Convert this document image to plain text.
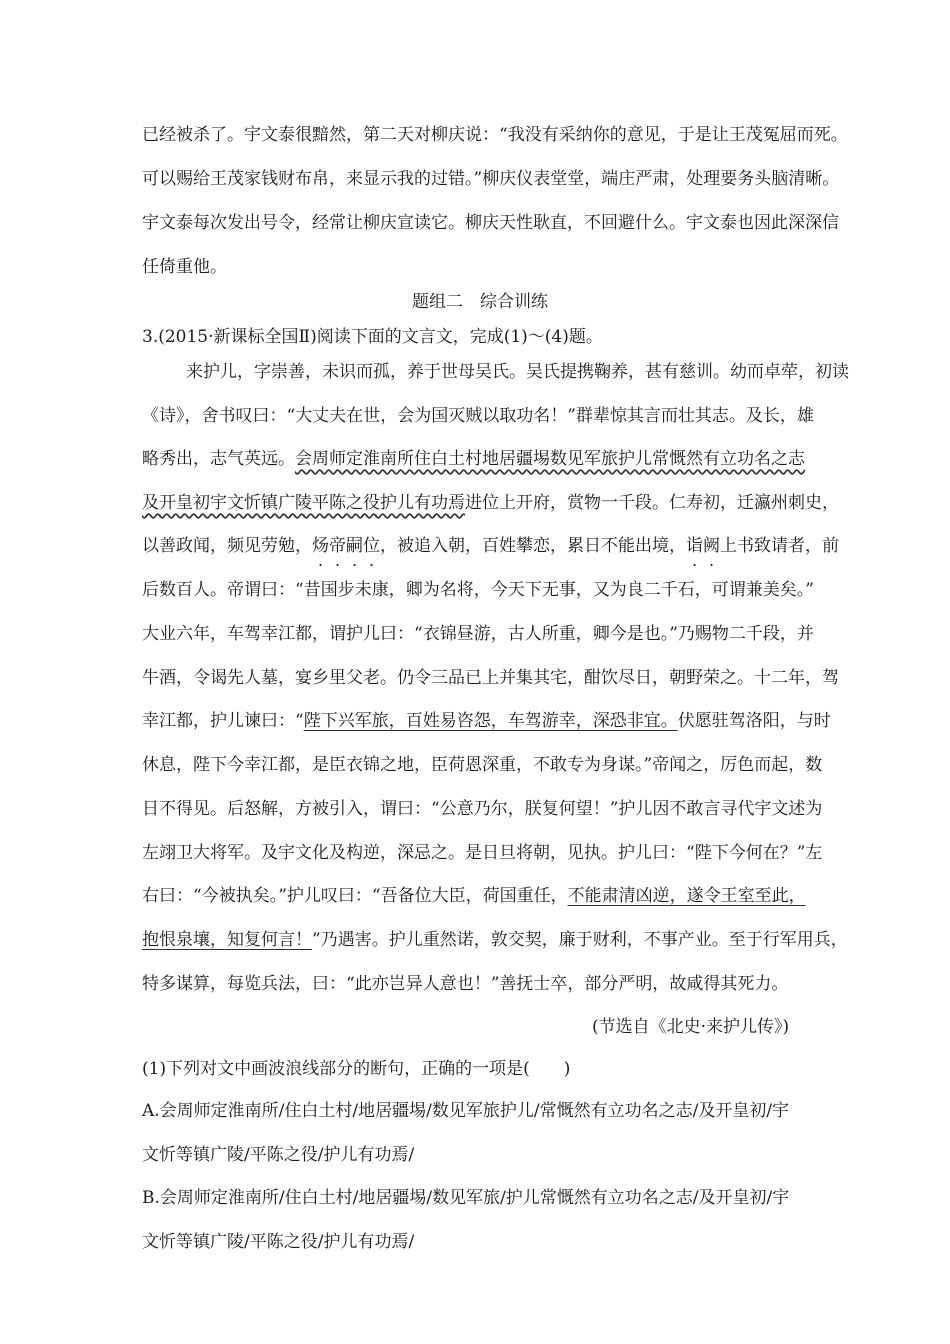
已经被杀了。宇文泰很黯然，第二天对柳庆说：“我没有采纳你的意见，于是让王茂冤屈而死。
可以赐给王茂家钱财布帛，来显示我的过错。”柳庆仪表堂堂，端庄严肃，处理要务头脑清晰。
宇文泰每次发出号令，经常让柳庆宣读它。柳庆天性耿直，不回避什么。宇文泰也因此深深信
任倚重他。
题组二　综合训练
3.(2015·新课标全国Ⅱ)阅读下面的文言文，完成(1)～(4)题。
来护儿，字崇善，未识而孤，养于世母吴氏。吴氏提携鞠养，甚有慈训。幼而卓荦，初读
《诗》，舍书叹曰：“大丈夫在世，会为国灭贼以取功名！”群辈惊其言而壮其志。及长，雄
略秀出，志气英远。会周师定淮南所住白土村地居疆埸数见军旅护儿常慨然有立功名之志
及开皇初宇文忻镇广陵平陈之役护儿有功焉进位上开府，赏物一千段。仁寿初，迁瀛州刺史，
以善政闻，频见劳勉，炀帝嗣位，被追入朝，百姓攀恋，累日不能出境，诣阙上书致请者，前
后数百人。帝谓曰：“昔国步未康，卿为名将，今天下无事，又为良二千石，可谓兼美矣。”
大业六年，车驾幸江都，谓护儿曰：“衣锦昼游，古人所重，卿今是也。”乃赐物二千段，并
牛酒，令谒先人墓，宴乡里父老。仍令三品已上并集其宅，酣饮尽日，朝野荣之。十二年，驾
幸江都，护儿谏曰：“陛下兴军旅，百姓易咨怨，车驾游幸，深恐非宜。伏愿驻驾洛阳，与时
休息，陛下今幸江都，是臣衣锦之地，臣荷恩深重，不敢专为身谋。”帝闻之，厉色而起，数
日不得见。后怒解，方被引入，谓曰：“公意乃尔，朕复何望！”护儿因不敢言寻代宇文述为
左翊卫大将军。及宇文化及构逆，深忌之。是日旦将朝，见执。护儿曰：“陛下今何在？”左
右曰：“今被执矣。”护儿叹曰：“吾备位大臣，荷国重任，不能肃清凶逆，遂令王室至此，
抱恨泉壤，知复何言！”乃遇害。护儿重然诺，敦交契，廉于财利，不事产业。至于行军用兵，
特多谋算，每览兵法，曰：“此亦岂异人意也！”善抚士卒，部分严明，故咸得其死力。
(节选自《北史·来护儿传》)
(1)下列对文中画波浪线部分的断句，正确的一项是(　　)
A.会周师定淮南所/住白土村/地居疆埸/数见军旅护儿/常慨然有立功名之志/及开皇初/宇
文忻等镇广陵/平陈之役/护儿有功焉/
B.会周师定淮南所/住白土村/地居疆埸/数见军旅/护儿常慨然有立功名之志/及开皇初/宇
文忻等镇广陵/平陈之役/护儿有功焉/
